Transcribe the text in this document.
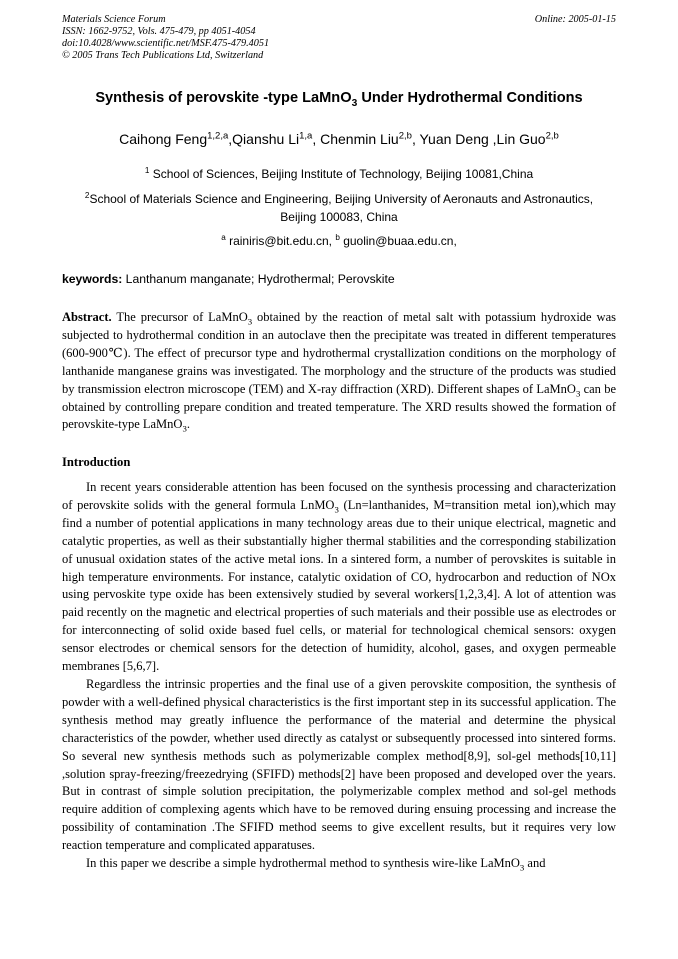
Materials Science Forum
ISSN: 1662-9752, Vols. 475-479, pp 4051-4054
doi:10.4028/www.scientific.net/MSF.475-479.4051
© 2005 Trans Tech Publications Ltd, Switzerland
Online: 2005-01-15
Synthesis of perovskite -type LaMnO$_3$ Under Hydrothermal Conditions
Caihong Feng$^{1,2,a}$,Qianshu Li$^{1,a}$, Chenmin Liu$^{2,b}$, Yuan Deng ,Lin Guo$^{2,b}$
$^1$ School of Sciences, Beijing Institute of Technology, Beijing 10081,China
$^2$School of Materials Science and Engineering, Beijing University of Aeronauts and Astronautics,
Beijing 100083, China
$^a$ rainiris@bit.edu.cn, $^b$ guolin@buaa.edu.cn,
keywords: Lanthanum manganate; Hydrothermal; Perovskite

Abstract. The precursor of LaMnO$_3$ obtained by the reaction of metal salt with potassium hydroxide was subjected to hydrothermal condition in an autoclave then the precipitate was treated in different temperatures (600-900℃). The effect of precursor type and hydrothermal crystallization conditions on the morphology of lanthanide manganese grains was investigated. The morphology and the structure of the products was studied by transmission electron microscope (TEM) and X-ray diffraction (XRD). Different shapes of LaMnO$_3$ can be obtained by controlling prepare condition and treated temperature. The XRD results showed the formation of perovskite-type LaMnO$_3$.

Introduction

In recent years considerable attention has been focused on the synthesis processing and characterization of perovskite solids with the general formula LnMO$_3$ (Ln=lanthanides, M=transition metal ion),which may find a number of potential applications in many technology areas due to their unique electrical, magnetic and catalytic properties, as well as their substantially higher thermal stabilities and the corresponding stabilization of unusual oxidation states of the active metal ions. In a sintered form, a number of perovskites is suitable in high temperature environments. For instance, catalytic oxidation of CO, hydrocarbon and reduction of NOx using pervoskite type oxide has been extensively studied by several workers[1,2,3,4]. A lot of attention was paid recently on the magnetic and electrical properties of such materials and their possible use as electrodes or for interconnecting of solid oxide based fuel cells, or material for technological chemical sensors: oxygen sensor electrodes or chemical sensors for the detection of humidity, alcohol, gases, and oxygen permeable membranes [5,6,7].

Regardless the intrinsic properties and the final use of a given perovskite composition, the synthesis of powder with a well-defined physical characteristics is the first important step in its successful application. The synthesis method may greatly influence the performance of the material and determine the physical characteristics of the powder, whether used directly as catalyst or subsequently processed into sintered forms. So several new synthesis methods such as polymerizable complex method[8,9], sol-gel methods[10,11] ,solution spray-freezing/freezedrying (SFIFD) methods[2] have been proposed and developed over the years. But in contrast of simple solution precipitation, the polymerizable complex method and sol-gel methods require addition of complexing agents which have to be removed during ensuing processing and increase the possibility of contamination .The SFIFD method seems to give excellent results, but it requires very low reaction temperature and complicated apparatuses.

In this paper we describe a simple hydrothermal method to synthesis wire-like LaMnO$_3$ and
